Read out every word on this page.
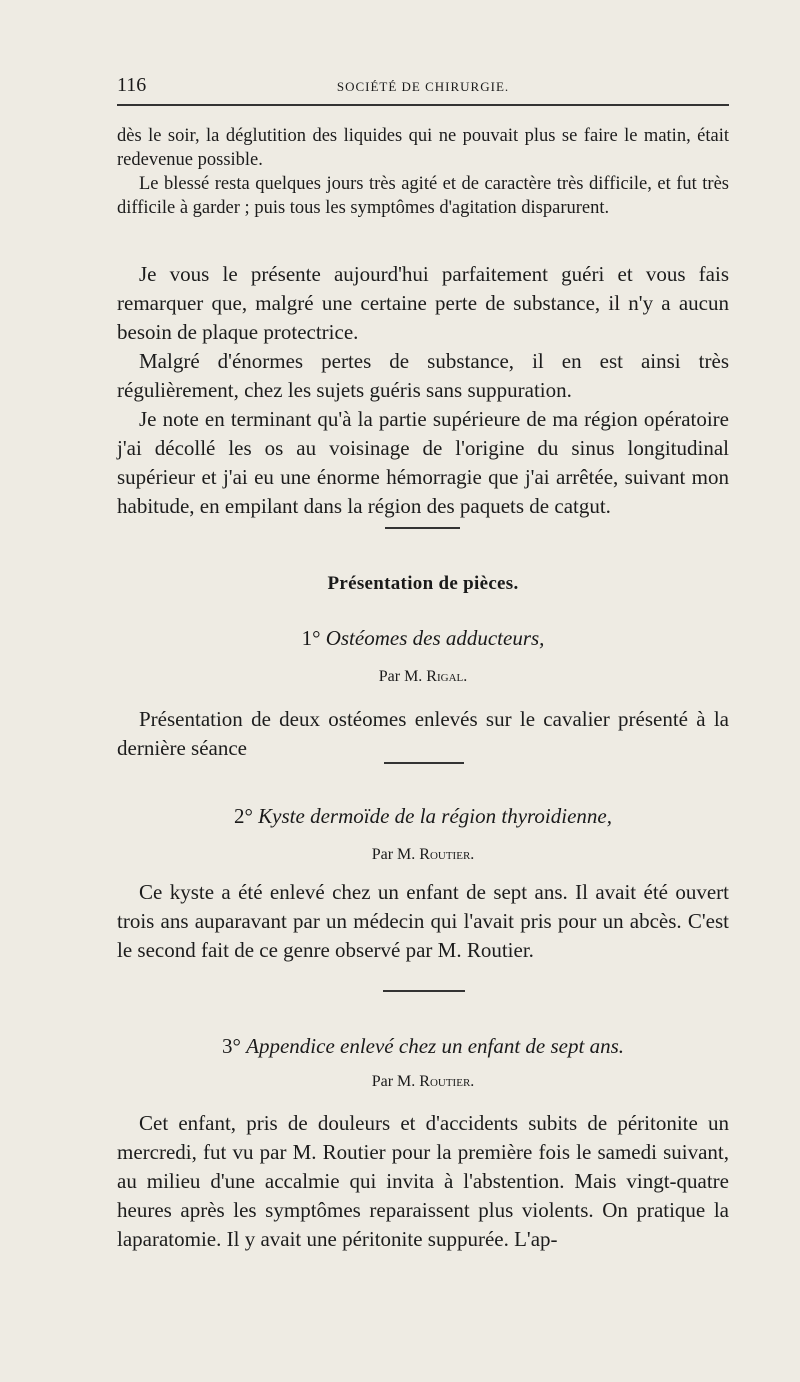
116	SOCIÉTÉ DE CHIRURGIE.

dès le soir, la déglutition des liquides qui ne pouvait plus se faire le matin, était redevenue possible.

Le blessé resta quelques jours très agité et de caractère très difficile, et fut très difficile à garder ; puis tous les symptômes d'agitation disparurent.

Je vous le présente aujourd'hui parfaitement guéri et vous fais remarquer que, malgré une certaine perte de substance, il n'y a aucun besoin de plaque protectrice.

Malgré d'énormes pertes de substance, il en est ainsi très régulièrement, chez les sujets guéris sans suppuration.

Je note en terminant qu'à la partie supérieure de ma région opératoire j'ai décollé les os au voisinage de l'origine du sinus longitudinal supérieur et j'ai eu une énorme hémorragie que j'ai arrêtée, suivant mon habitude, en empilant dans la région des paquets de catgut.

Présentation de pièces.
1° Ostéomes des adducteurs,
Par M. Rigal.

Présentation de deux ostéomes enlevés sur le cavalier présenté à la dernière séance

2° Kyste dermoïde de la région thyroidienne,
Par M. Routier.

Ce kyste a été enlevé chez un enfant de sept ans. Il avait été ouvert trois ans auparavant par un médecin qui l'avait pris pour un abcès. C'est le second fait de ce genre observé par M. Routier.

3° Appendice enlevé chez un enfant de sept ans.
Par M. Routier.

Cet enfant, pris de douleurs et d'accidents subits de péritonite un mercredi, fut vu par M. Routier pour la première fois le samedi suivant, au milieu d'une accalmie qui invita à l'abstention. Mais vingt-quatre heures après les symptômes reparaissent plus violents. On pratique la laparatomie. Il y avait une péritonite suppurée. L'ap-
